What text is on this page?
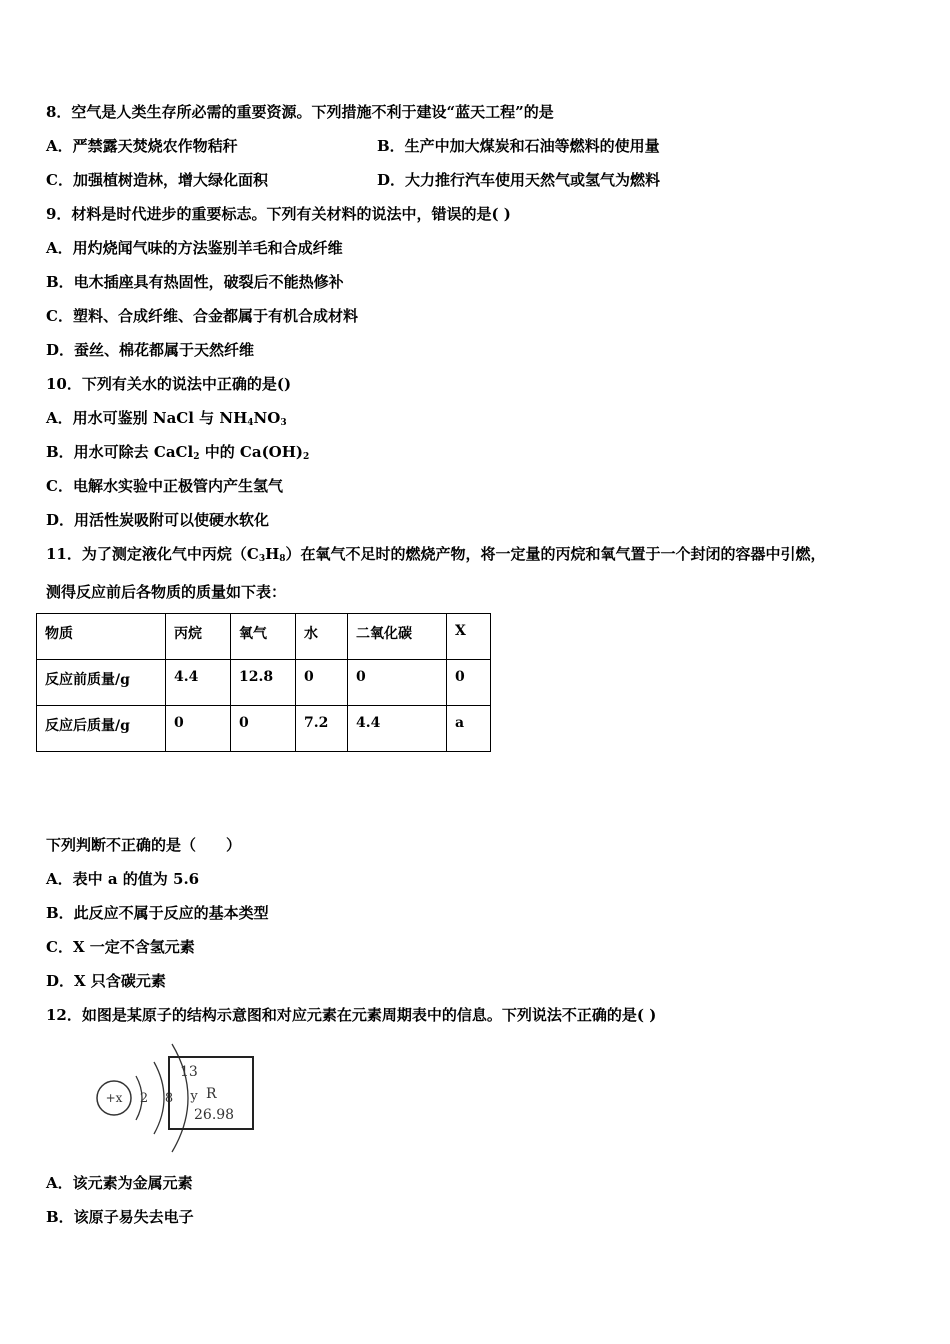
8．空气是人类生存所必需的重要资源。下列措施不利于建设“蓝天工程”的是
A．严禁露天焚烧农作物秸秆	B．生产中加大煤炭和石油等燃料的使用量
C．加强植树造林，增大绿化面积	D．大力推行汽车使用天然气或氢气为燃料
9．材料是时代进步的重要标志。下列有关材料的说法中，错误的是( )
A．用灼烧闻气味的方法鉴别羊毛和合成纤维
B．电木插座具有热固性，破裂后不能热修补
C．塑料、合成纤维、合金都属于有机合成材料
D．蚕丝、棉花都属于天然纤维
10．下列有关水的说法中正确的是()
A．用水可鉴别 NaCl 与 $NH_4NO_3$
B．用水可除去 CaCl$_2$ 中的 $Ca(OH)_2$
C．电解水实验中正极管内产生氢气
D．用活性炭吸附可以使硬水软化
11．为了测定液化气中丙烷$(C_3H_8)$在氧气不足时的燃烧产物，将一定量的丙烷和氧气置于一个封闭的容器中引燃，
测得反应前后各物质的质量如下表：
物质	丙烷	氧气	水	二氧化碳	X
反应前质量/g	4.4	12.8	0	0	0
反应后质量/g	0	0	7.2	4.4	a
下列判断不正确的是（　　）
A．表中 a 的值为 5.6
B．此反应不属于反应的基本类型
C．X 一定不含氢元素
D．X 只含碳元素
12．如图是某原子的结构示意图和对应元素在元素周期表中的信息。下列说法不正确的是( )
+x 2 8 y
13
R
26.98
A．该元素为金属元素
B．该原子易失去电子
